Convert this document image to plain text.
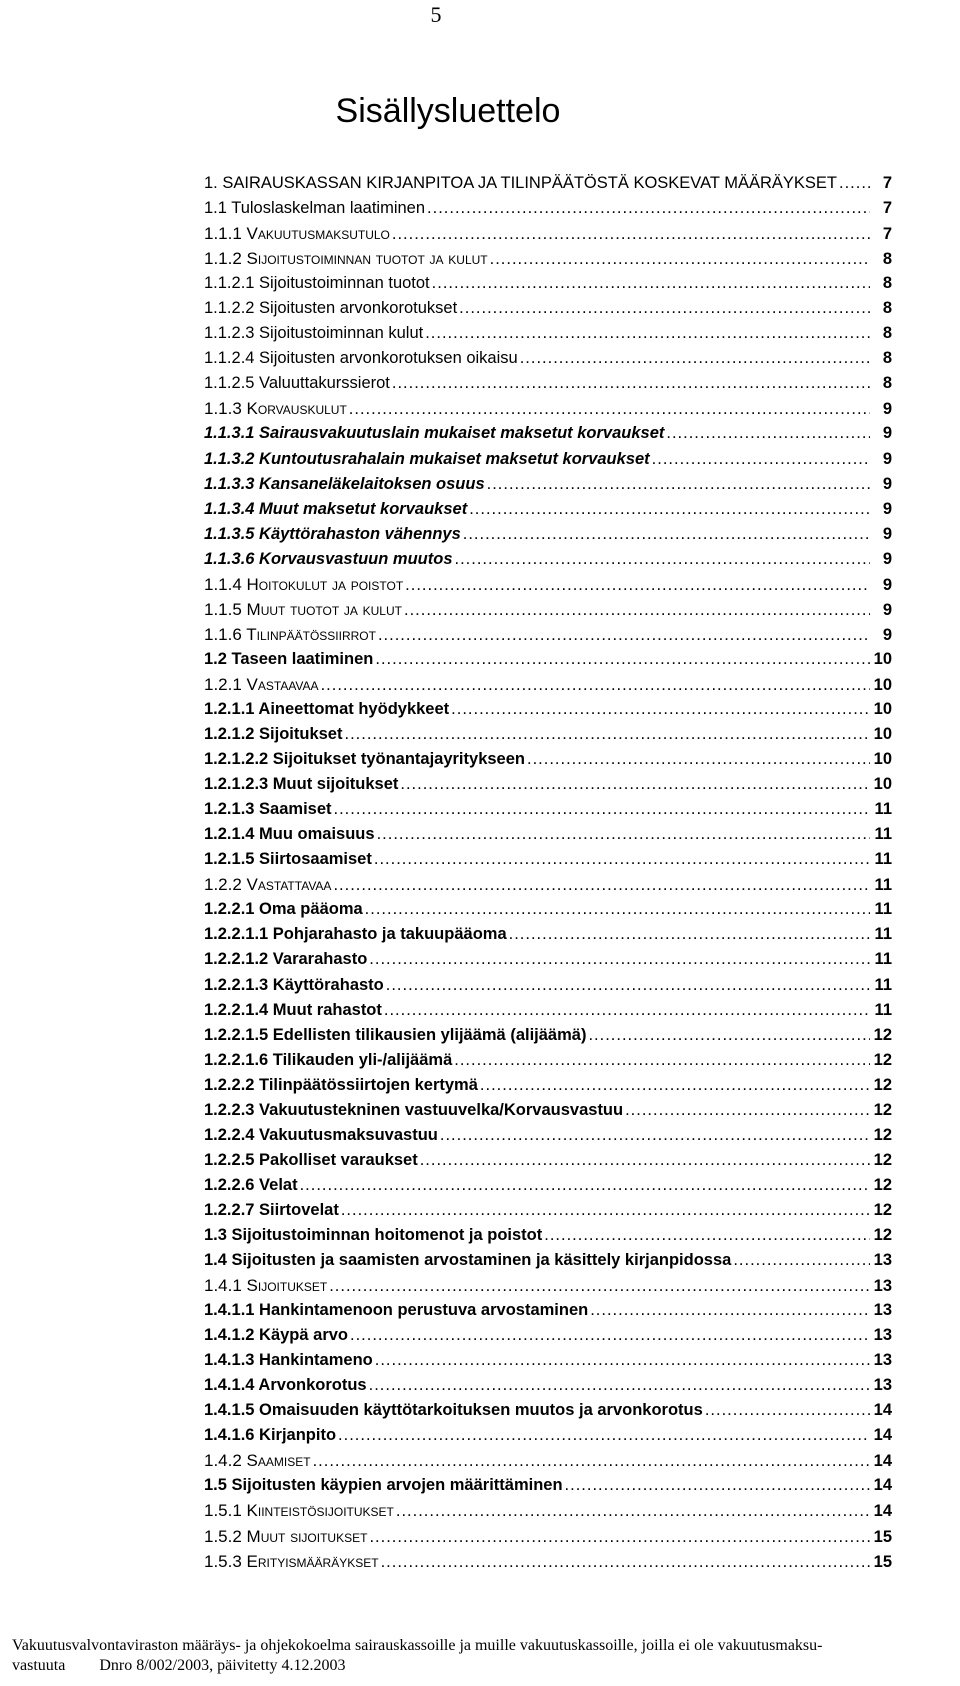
5
Sisällysluettelo
1. SAIRAUSKASSAN KIRJANPITOA JA TILINPÄÄTÖSTÄ KOSKEVAT MÄÄRÄYKSET .....	7
1.1 Tuloslaskelman laatiminen .....	7
1.1.1 Vakuutusmaksutulo .....	7
1.1.2 Sijoitustoiminnan tuotot ja kulut .....	8
1.1.2.1 Sijoitustoiminnan tuotot .....	8
1.1.2.2 Sijoitusten arvonkorotukset .....	8
1.1.2.3 Sijoitustoiminnan kulut .....	8
1.1.2.4 Sijoitusten arvonkorotuksen oikaisu .....	8
1.1.2.5 Valuuttakurssierot .....	8
1.1.3 Korvauskulut .....	9
1.1.3.1 Sairausvakuutuslain mukaiset maksetut korvaukset .....	9
1.1.3.2 Kuntoutusrahalain mukaiset maksetut korvaukset .....	9
1.1.3.3 Kansaneläkelaitoksen osuus .....	9
1.1.3.4 Muut maksetut korvaukset .....	9
1.1.3.5 Käyttörahaston vähennys .....	9
1.1.3.6 Korvausvastuun muutos .....	9
1.1.4 Hoitokulut ja poistot .....	9
1.1.5 Muut tuotot ja kulut .....	9
1.1.6 Tilinpäätössiirrot .....	9
1.2 Taseen laatiminen .....	10
1.2.1 Vastaavaa .....	10
1.2.1.1 Aineettomat hyödykkeet .....	10
1.2.1.2 Sijoitukset .....	10
1.2.1.2.2 Sijoitukset työnantajayritykseen .....	10
1.2.1.2.3 Muut sijoitukset .....	10
1.2.1.3 Saamiset .....	11
1.2.1.4 Muu omaisuus .....	11
1.2.1.5 Siirtosaamiset .....	11
1.2.2 Vastattavaa .....	11
1.2.2.1 Oma pääoma .....	11
1.2.2.1.1 Pohjarahasto ja takuupääoma .....	11
1.2.2.1.2 Vararahasto .....	11
1.2.2.1.3 Käyttörahasto .....	11
1.2.2.1.4 Muut rahastot .....	11
1.2.2.1.5 Edellisten tilikausien ylijäämä (alijäämä) .....	12
1.2.2.1.6 Tilikauden yli-/alijäämä .....	12
1.2.2.2 Tilinpäätössiirtojen kertymä .....	12
1.2.2.3 Vakuutustekninen vastuuvelka/Korvausvastuu .....	12
1.2.2.4 Vakuutusmaksuvastuu .....	12
1.2.2.5 Pakolliset varaukset .....	12
1.2.2.6 Velat .....	12
1.2.2.7 Siirtovelat .....	12
1.3 Sijoitustoiminnan hoitomenot ja poistot .....	12
1.4 Sijoitusten ja saamisten arvostaminen ja käsittely kirjanpidossa .....	13
1.4.1 Sijoitukset .....	13
1.4.1.1 Hankintamenoon perustuva arvostaminen .....	13
1.4.1.2 Käypä arvo .....	13
1.4.1.3 Hankintameno .....	13
1.4.1.4 Arvonkorotus .....	13
1.4.1.5 Omaisuuden käyttötarkoituksen muutos ja arvonkorotus .....	14
1.4.1.6 Kirjanpito .....	14
1.4.2 Saamiset .....	14
1.5 Sijoitusten käypien arvojen määrittäminen .....	14
1.5.1 Kiinteistösijoitukset .....	14
1.5.2 Muut sijoitukset .....	15
1.5.3 Erityismääräykset .....	15
Vakuutusvalvontaviraston määräys- ja ohjekokoelma sairauskassoille ja muille vakuutuskassoille, joilla ei ole vakuutusmaksu-
vastuuta Dnro 8/002/2003, päivitetty 4.12.2003
